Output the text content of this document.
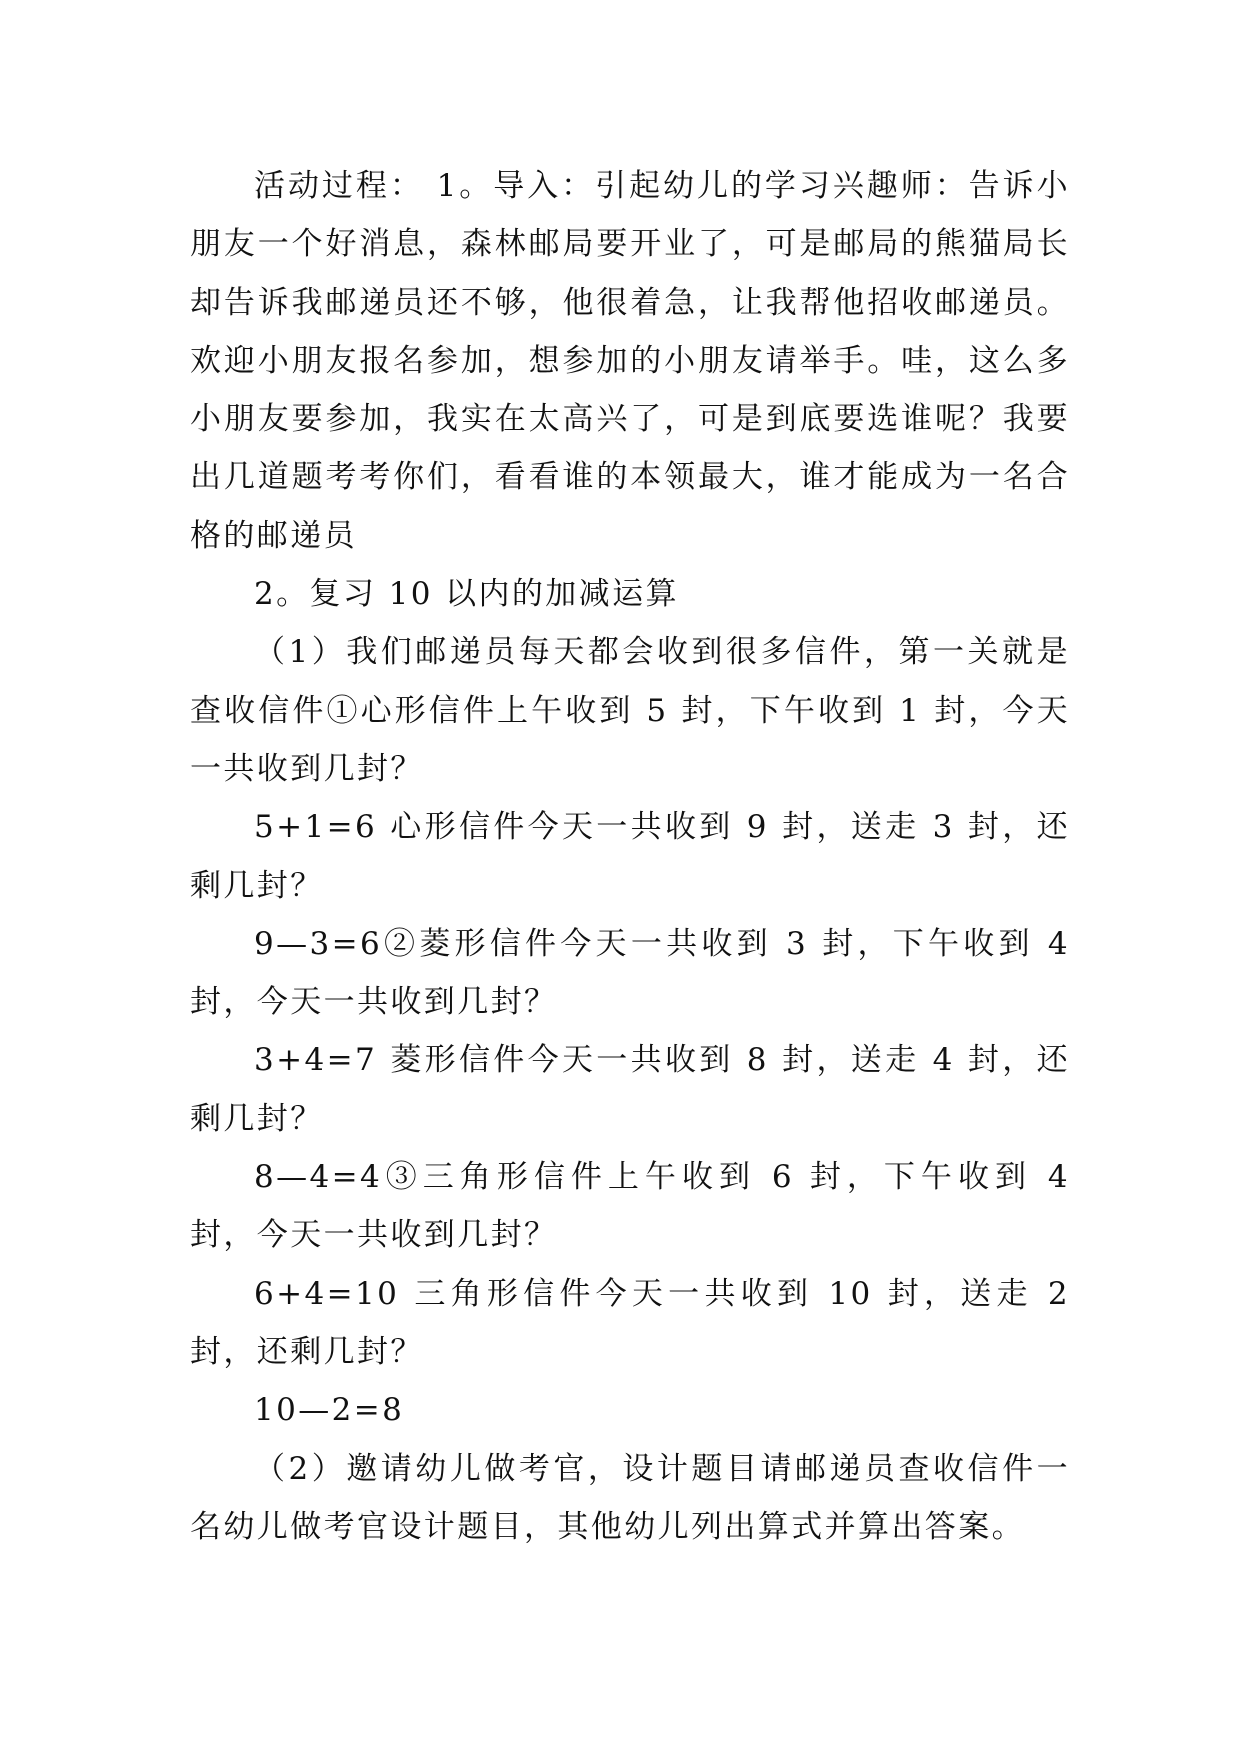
活动过程： 1。导入：引起幼儿的学习兴趣师：告诉小朋友一个好消息，森林邮局要开业了，可是邮局的熊猫局长却告诉我邮递员还不够，他很着急，让我帮他招收邮递员。欢迎小朋友报名参加，想参加的小朋友请举手。哇，这么多小朋友要参加，我实在太高兴了，可是到底要选谁呢？我要出几道题考考你们，看看谁的本领最大，谁才能成为一名合格的邮递员

2。复习 10 以内的加减运算

（1）我们邮递员每天都会收到很多信件，第一关就是查收信件①心形信件上午收到 5 封，下午收到 1 封，今天一共收到几封？

5+1=6 心形信件今天一共收到 9 封，送走 3 封，还剩几封？

9—3=6②菱形信件今天一共收到 3 封，下午收到 4 封，今天一共收到几封？

3+4=7 菱形信件今天一共收到 8 封，送走 4 封，还剩几封？

8—4=4③三角形信件上午收到 6 封，下午收到 4 封，今天一共收到几封？

6+4=10 三角形信件今天一共收到 10 封，送走 2 封，还剩几封？

10—2=8

（2）邀请幼儿做考官，设计题目请邮递员查收信件一名幼儿做考官设计题目，其他幼儿列出算式并算出答案。
